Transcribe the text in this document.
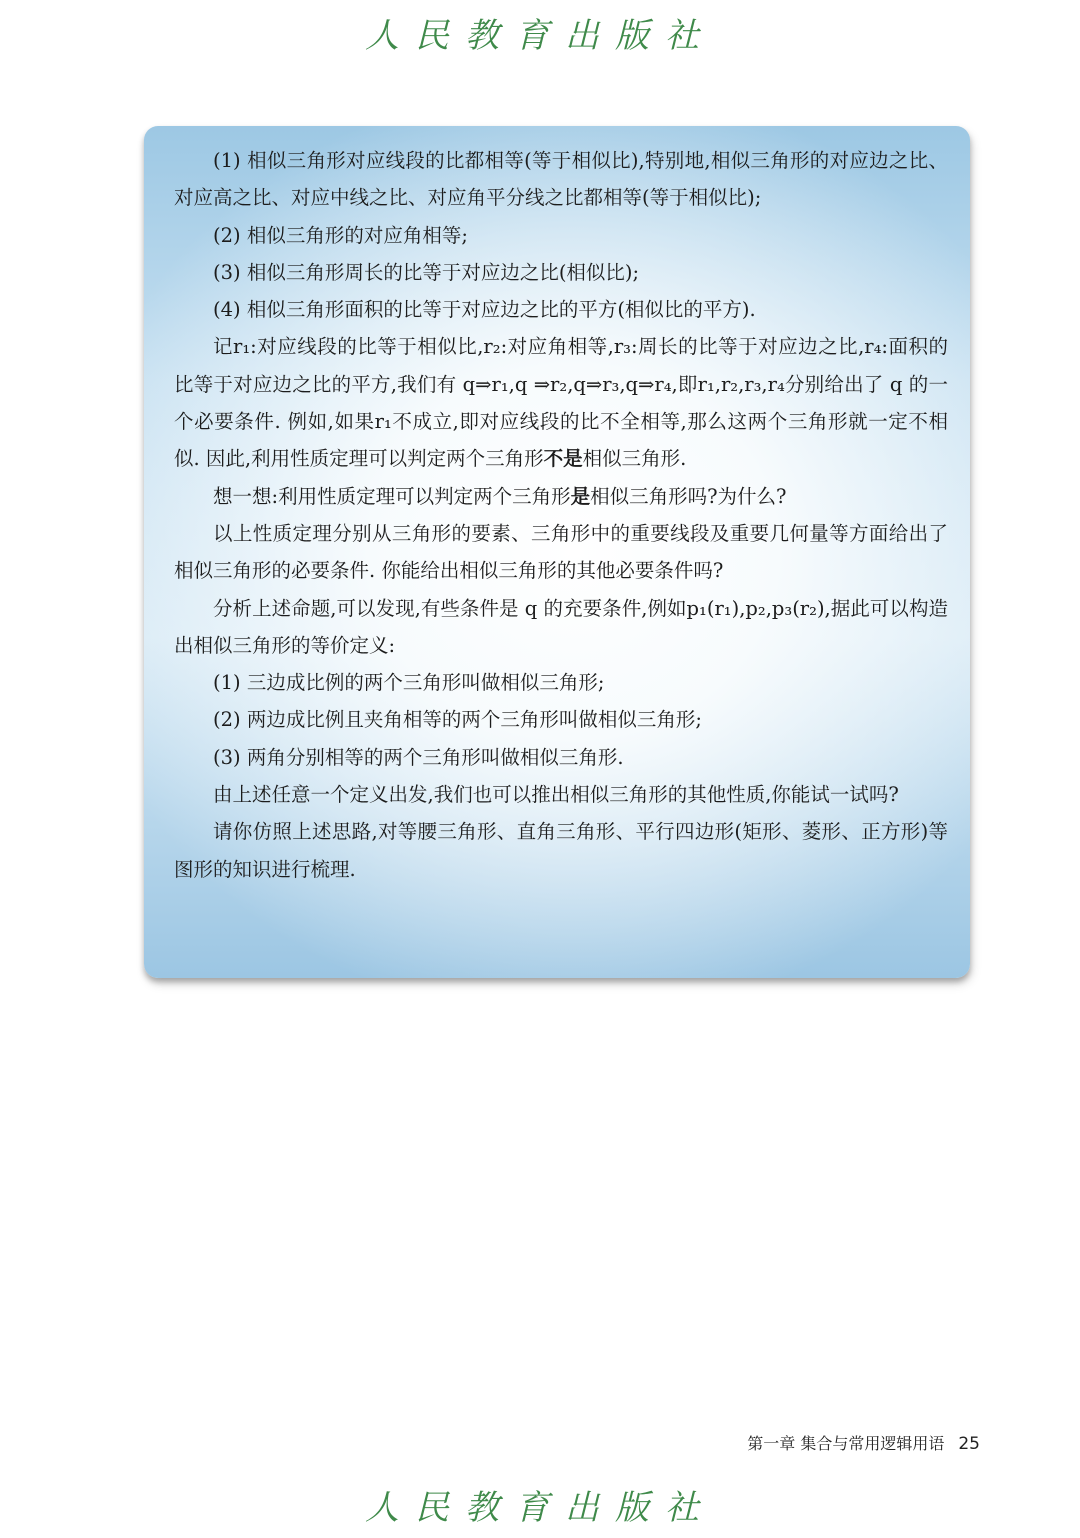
人民教育出版社

(1) 相似三角形对应线段的比都相等(等于相似比),特别地,相似三角形的对应边之比、对应高之比、对应中线之比、对应角平分线之比都相等(等于相似比);

(2) 相似三角形的对应角相等;

(3) 相似三角形周长的比等于对应边之比(相似比);

(4) 相似三角形面积的比等于对应边之比的平方(相似比的平方).

记r₁:对应线段的比等于相似比,r₂:对应角相等,r₃:周长的比等于对应边之比,r₄:面积的比等于对应边之比的平方,我们有 q⇒r₁,q ⇒r₂,q⇒r₃,q⇒r₄,即r₁,r₂,r₃,r₄分别给出了 q 的一个必要条件. 例如,如果r₁不成立,即对应线段的比不全相等,那么这两个三角形就一定不相似. 因此,利用性质定理可以判定两个三角形不是相似三角形.

想一想:利用性质定理可以判定两个三角形是相似三角形吗?为什么?

以上性质定理分别从三角形的要素、三角形中的重要线段及重要几何量等方面给出了相似三角形的必要条件. 你能给出相似三角形的其他必要条件吗?

分析上述命题,可以发现,有些条件是 q 的充要条件,例如p₁(r₁),p₂,p₃(r₂),据此可以构造出相似三角形的等价定义:

(1) 三边成比例的两个三角形叫做相似三角形;

(2) 两边成比例且夹角相等的两个三角形叫做相似三角形;

(3) 两角分别相等的两个三角形叫做相似三角形.

由上述任意一个定义出发,我们也可以推出相似三角形的其他性质,你能试一试吗?

请你仿照上述思路,对等腰三角形、直角三角形、平行四边形(矩形、菱形、正方形)等图形的知识进行梳理.

第一章 集合与常用逻辑用语 25
人民教育出版社
